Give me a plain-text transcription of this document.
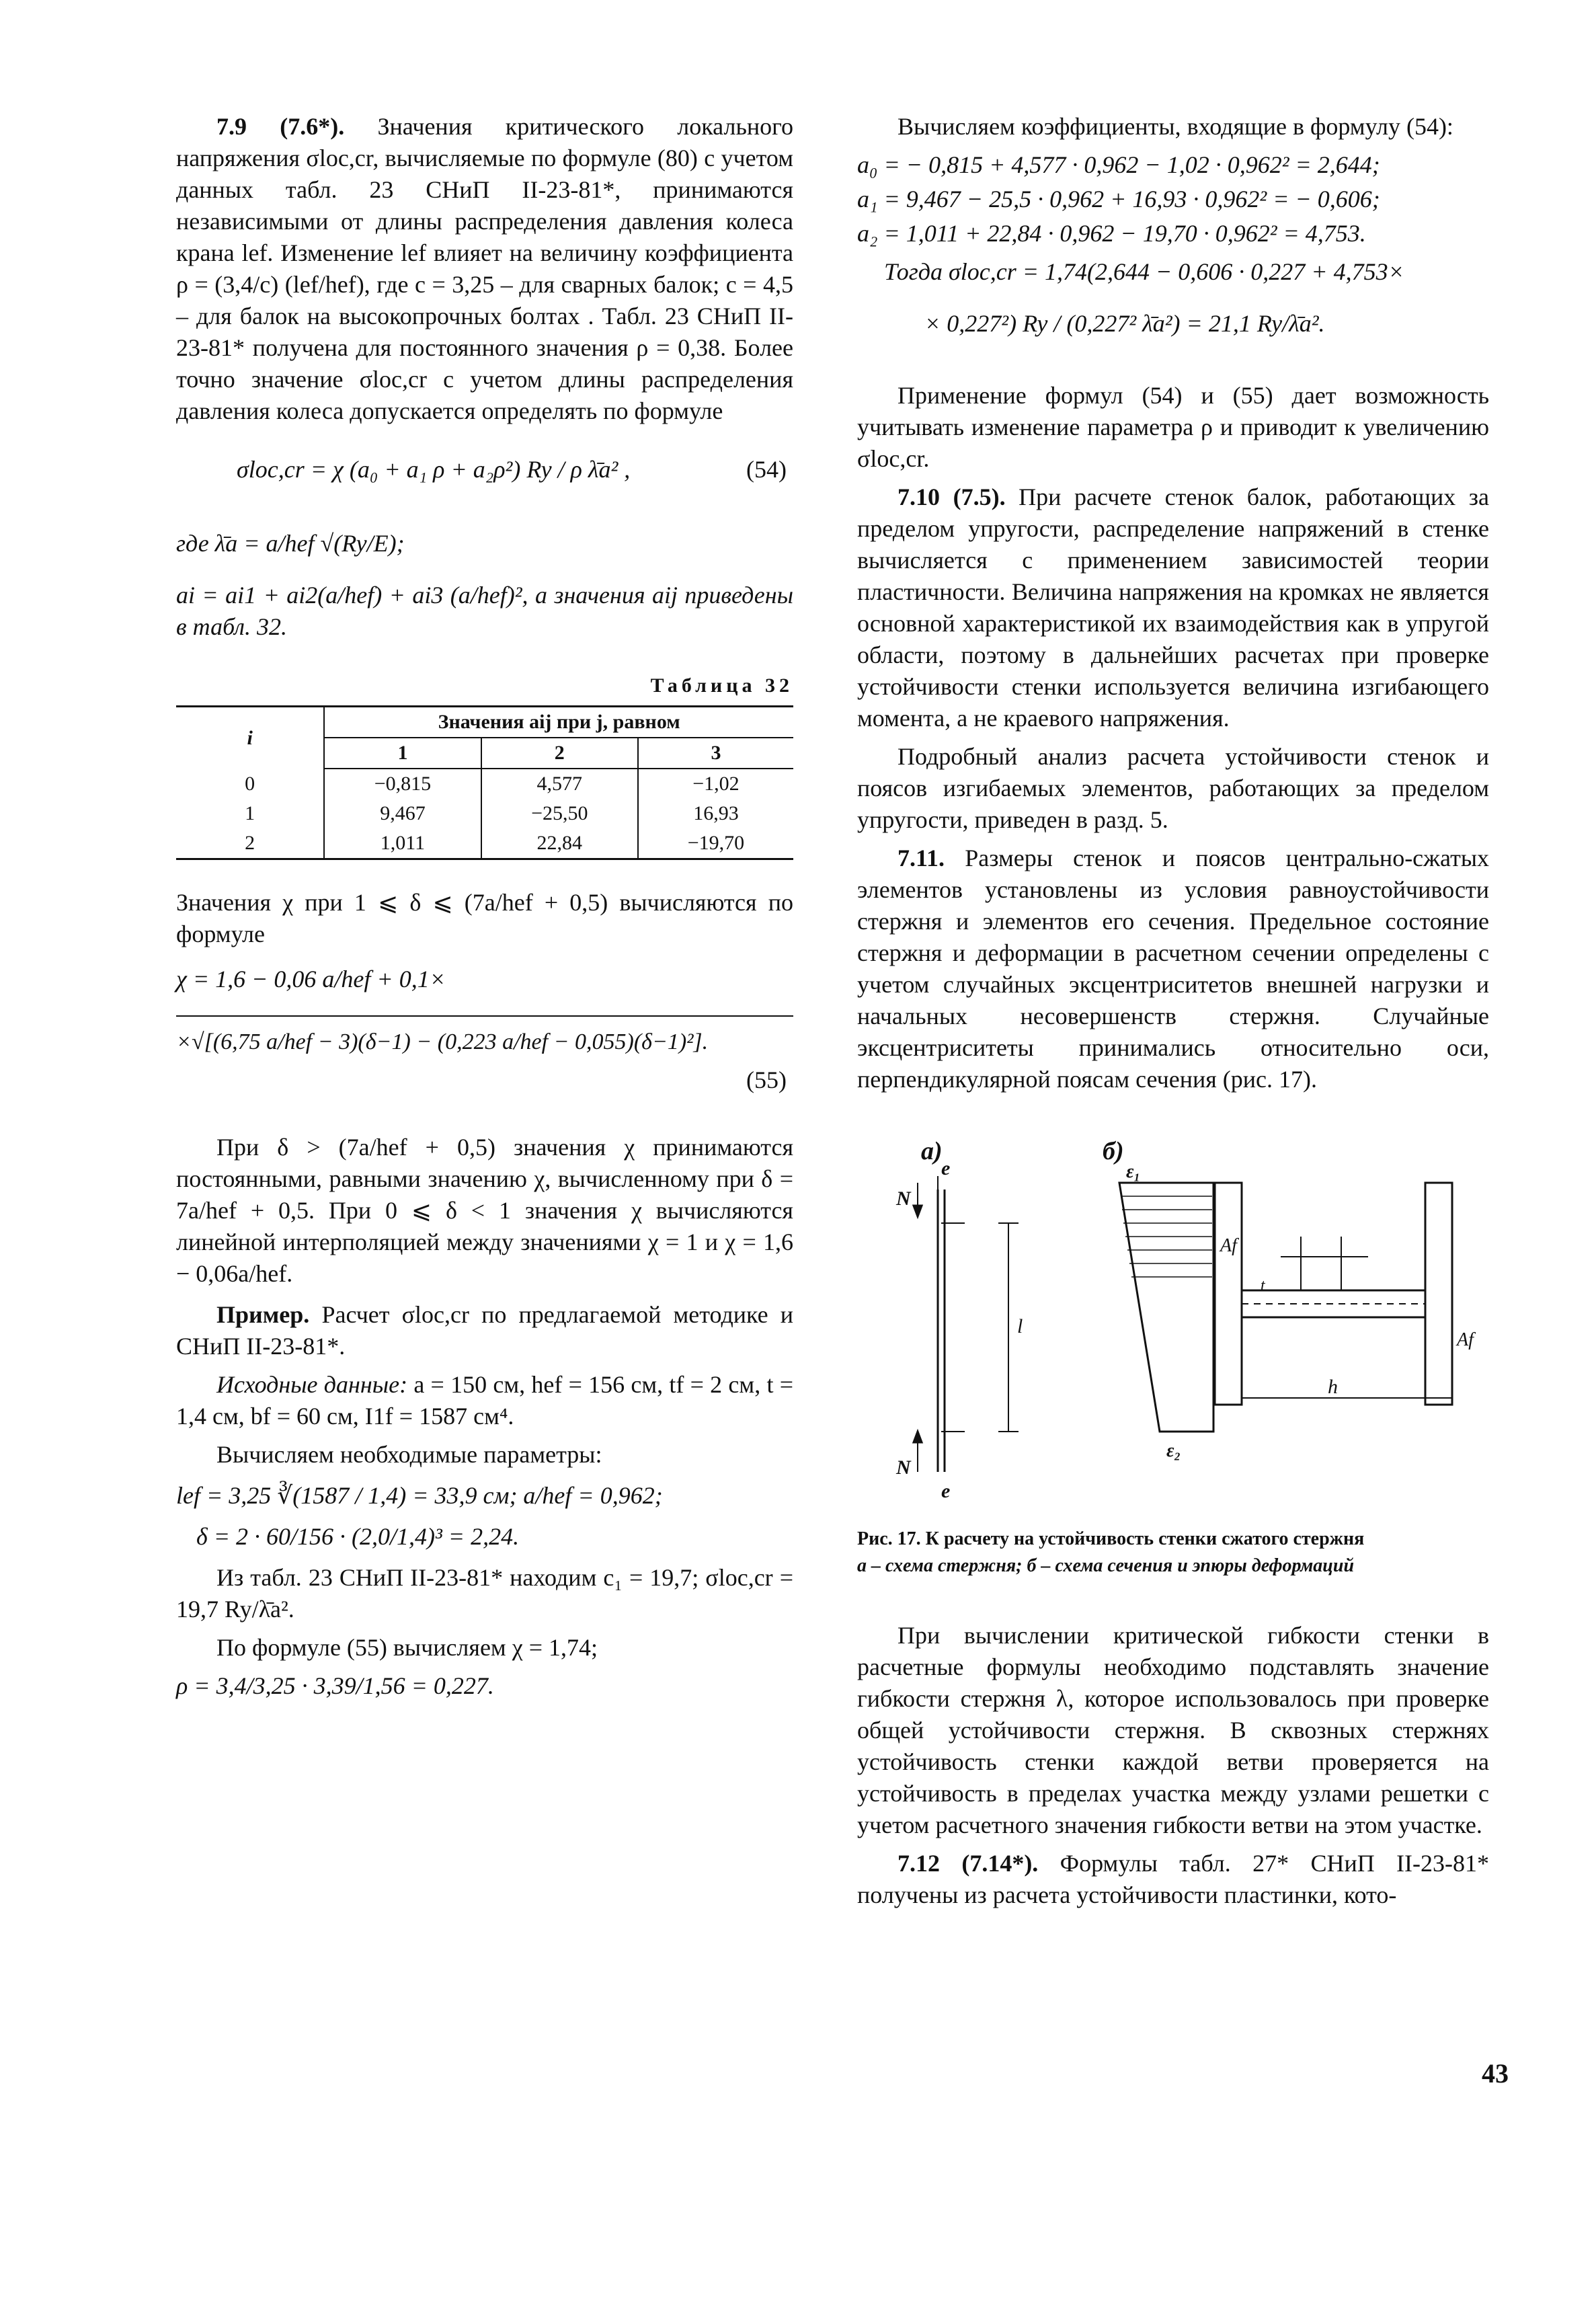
7.9 (7.6*). Значения критического локального напряжения σloc,cr, вычисляемые по формуле (80) с учетом данных табл. 23 СНиП II-23-81*, принимаются независимыми от длины распределения давления колеса крана lef. Изменение lef влияет на величину коэффициента ρ = (3,4/c) (lef/hef), где c = 3,25 – для сварных балок; c = 4,5 – для балок на высокопрочных болтах . Табл. 23 СНиП II-23-81* получена для постоянного значения ρ = 0,38. Более точно значение σloc,cr с учетом длины распределения давления колеса допускается определять по формуле

σloc,cr = χ (a₀ + a₁ ρ + a₂ρ²) Ry / ρ λ̄a² ,	(54)

где λ̄a = a/hef √(Ry/E);

ai = ai1 + ai2(a/hef) + ai3 (a/hef)², а значения aij приведены в табл. 32.

Таблица 32
i	Значения aij при j, равном		
	1	2	3
0	−0,815	4,577	−1,02
1	9,467	−25,50	16,93
2	1,011	22,84	−19,70

Значения χ при 1 ⩽ δ ⩽ (7a/hef + 0,5) вычисляются по формуле

χ = 1,6 − 0,06 a/hef + 0,1×

×√[(6,75 a/hef − 3)(δ−1) − (0,223 a/hef − 0,055)(δ−1)²].

(55)

При δ > (7a/hef + 0,5) значения χ принимаются постоянными, равными значению χ, вычисленному при δ = 7a/hef + 0,5. При 0 ⩽ δ < 1 значения χ вычисляются линейной интерполяцией между значениями χ = 1 и χ = 1,6 − 0,06a/hef.

Пример. Расчет σloc,cr по предлагаемой методике и СНиП II-23-81*.

Исходные данные: a = 150 см, hef = 156 см, tf = 2 см, t = 1,4 см, bf = 60 см, I1f = 1587 см⁴.

Вычисляем необходимые параметры:

lef = 3,25 ∛(1587 / 1,4) = 33,9 см; a/hef = 0,962;

δ = 2 · 60/156 · (2,0/1,4)³ = 2,24.

Из табл. 23 СНиП II-23-81* находим c₁ = 19,7; σloc,cr = 19,7 Ry/λ̄a².

По формуле (55) вычисляем χ = 1,74;

ρ = 3,4/3,25 · 3,39/1,56 = 0,227.

Вычисляем коэффициенты, входящие в формулу (54):

a₀ = − 0,815 + 4,577 · 0,962 − 1,02 · 0,962² = 2,644;

a₁ = 9,467 − 25,5 · 0,962 + 16,93 · 0,962² = − 0,606;

a₂ = 1,011 + 22,84 · 0,962 − 19,70 · 0,962² = 4,753.

Тогда σloc,cr = 1,74(2,644 − 0,606 · 0,227 + 4,753×

× 0,227²) Ry / (0,227² λ̄a²) = 21,1 Ry/λ̄a².

Применение формул (54) и (55) дает возможность учитывать изменение параметра ρ и приводит к увеличению σloc,cr.

7.10 (7.5). При расчете стенок балок, работающих за пределом упругости, распределение напряжений в стенке вычисляется с применением зависимостей теории пластичности. Величина напряжения на кромках не является основной характеристикой их взаимодействия как в упругой области, поэтому в дальнейших расчетах при проверке устойчивости стенки используется величина изгибающего момента, а не краевого напряжения.

Подробный анализ расчета устойчивости стенок и поясов изгибаемых элементов, работающих за пределом упругости, приведен в разд. 5.

7.11. Размеры стенок и поясов центрально-сжатых элементов установлены из условия равноустойчивости стержня и элементов его сечения. Предельное состояние стержня и деформации в расчетном сечении определены с учетом случайных эксцентриситетов внешней нагрузки и начальных несовершенств стержня. Случайные эксцентриситеты принимались относительно оси, перпендикулярной поясам сечения (рис. 17).

а)	б)
N
e
l
N
e
ε₁
Af
t
Af
h
ε₂
Рис. 17. К расчету на устойчивость стенки сжатого стержня
а – схема стержня; б – схема сечения и эпюры деформаций

При вычислении критической гибкости стенки в расчетные формулы необходимо подставлять значение гибкости стержня λ, которое использовалось при проверке общей устойчивости стержня. В сквозных стержнях устойчивость стенки каждой ветви проверяется на устойчивость в пределах участка между узлами решетки с учетом расчетного значения гибкости ветви на этом участке.

7.12 (7.14*). Формулы табл. 27* СНиП II-23-81* получены из расчета устойчивости пластинки, кото-

43
